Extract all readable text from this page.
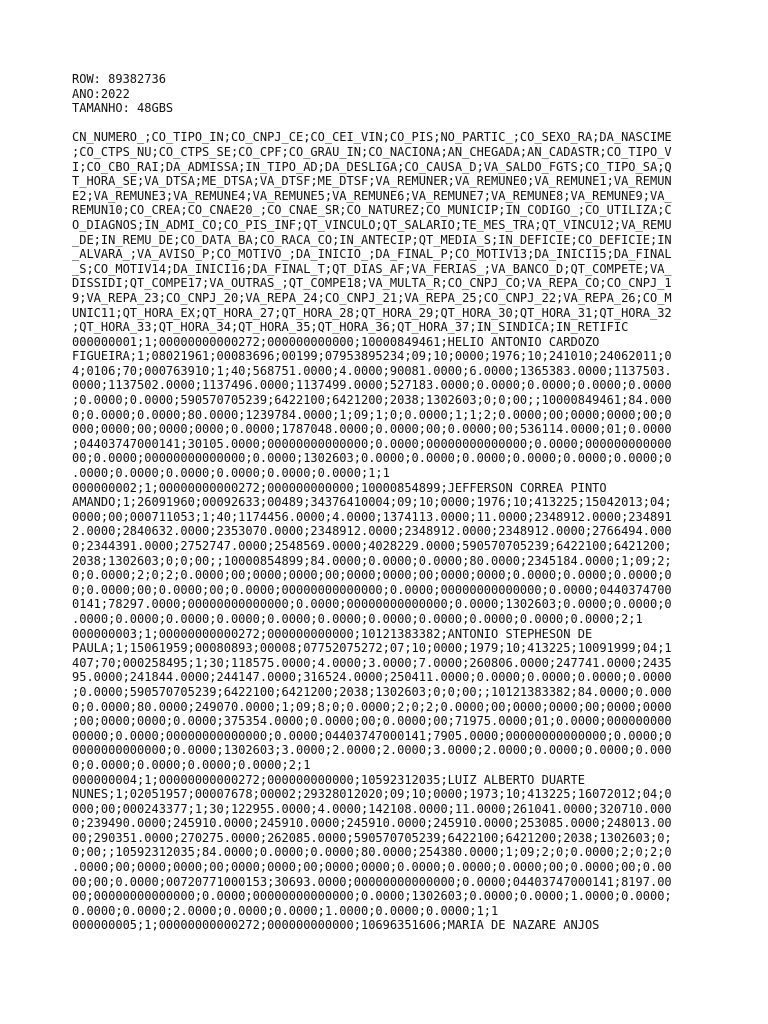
ROW: 89382736
ANO:2022
TAMANHO: 48GBS
CN_NUMERO_;CO_TIPO_IN;CO_CNPJ_CE;CO_CEI_VIN;CO_PIS;NO_PARTIC_;CO_SEXO_RA;DA_NASCIME
;CO_CTPS_NU;CO_CTPS_SE;CO_CPF;CO_GRAU_IN;CO_NACIONA;AN_CHEGADA;AN_CADASTR;CO_TIPO_V
I;CO_CBO_RAI;DA_ADMISSA;IN_TIPO_AD;DA_DESLIGA;CO_CAUSA_D;VA_SALDO_FGTS;CO_TIPO_SA;Q
T_HORA_SE;VA_DTSA;ME_DTSA;VA_DTSF;ME_DTSF;VA_REMUNER;VA_REMUNE0;VA_REMUNE1;VA_REMUN
E2;VA_REMUNE3;VA_REMUNE4;VA_REMUNE5;VA_REMUNE6;VA_REMUNE7;VA_REMUNE8;VA_REMUNE9;VA_
REMUN10;CO_CREA;CO_CNAE20_;CO_CNAE_SR;CO_NATUREZ;CO_MUNICIP;IN_CODIGO_;CO_UTILIZA;C
O_DIAGNOS;IN_ADMI_CO;CO_PIS_INF;QT_VINCULO;QT_SALARIO;TE_MES_TRA;QT_VINCU12;VA_REMU
_DE;IN_REMU_DE;CO_DATA_BA;CO_RACA_CO;IN_ANTECIP;QT_MEDIA_S;IN_DEFICIE;CO_DEFICIE;IN
_ALVARA_;VA_AVISO_P;CO_MOTIVO_;DA_INICIO_;DA_FINAL_P;CO_MOTIV13;DA_INICI15;DA_FINAL
_S;CO_MOTIV14;DA_INICI16;DA_FINAL_T;QT_DIAS_AF;VA_FERIAS_;VA_BANCO_D;QT_COMPETE;VA_
DISSIDI;QT_COMPE17;VA_OUTRAS_;QT_COMPE18;VA_MULTA_R;CO_CNPJ_CO;VA_REPA_CO;CO_CNPJ_1
9;VA_REPA_23;CO_CNPJ_20;VA_REPA_24;CO_CNPJ_21;VA_REPA_25;CO_CNPJ_22;VA_REPA_26;CO_M
UNIC11;QT_HORA_EX;QT_HORA_27;QT_HORA_28;QT_HORA_29;QT_HORA_30;QT_HORA_31;QT_HORA_32
;QT_HORA_33;QT_HORA_34;QT_HORA_35;QT_HORA_36;QT_HORA_37;IN_SINDICA;IN_RETIFIC
000000001;1;00000000000272;000000000000;10000849461;HELIO ANTONIO CARDOZO
FIGUEIRA;1;08021961;00083696;00199;07953895234;09;10;0000;1976;10;241010;24062011;0
4;0106;70;000763910;1;40;568751.0000;4.0000;90081.0000;6.0000;1365383.0000;1137503.
0000;1137502.0000;1137496.0000;1137499.0000;527183.0000;0.0000;0.0000;0.0000;0.0000
;0.0000;0.0000;590570705239;6422100;6421200;2038;1302603;0;0;00;;10000849461;84.000
0;0.0000;0.0000;80.0000;1239784.0000;1;09;1;0;0.0000;1;1;2;0.0000;00;0000;0000;00;0
000;0000;00;0000;0000;0.0000;1787048.0000;0.0000;00;0.0000;00;536114.0000;01;0.0000
;04403747000141;30105.0000;00000000000000;0.0000;00000000000000;0.0000;000000000000
00;0.0000;00000000000000;0.0000;1302603;0.0000;0.0000;0.0000;0.0000;0.0000;0.0000;0
.0000;0.0000;0.0000;0.0000;0.0000;0.0000;1;1
000000002;1;00000000000272;000000000000;10000854899;JEFFERSON CORREA PINTO
AMANDO;1;26091960;00092633;00489;34376410004;09;10;0000;1976;10;413225;15042013;04;
0000;00;000711053;1;40;1174456.0000;4.0000;1374113.0000;11.0000;2348912.0000;234891
2.0000;2840632.0000;2353070.0000;2348912.0000;2348912.0000;2348912.0000;2766494.000
0;2344391.0000;2752747.0000;2548569.0000;4028229.0000;590570705239;6422100;6421200;
2038;1302603;0;0;00;;10000854899;84.0000;0.0000;0.0000;80.0000;2345184.0000;1;09;2;
0;0.0000;2;0;2;0.0000;00;0000;0000;00;0000;0000;00;0000;0000;0.0000;0.0000;0.0000;0
0;0.0000;00;0.0000;00;0.0000;00000000000000;0.0000;00000000000000;0.0000;0440374700
0141;78297.0000;00000000000000;0.0000;00000000000000;0.0000;1302603;0.0000;0.0000;0
.0000;0.0000;0.0000;0.0000;0.0000;0.0000;0.0000;0.0000;0.0000;0.0000;0.0000;2;1
000000003;1;00000000000272;000000000000;10121383382;ANTONIO STEPHESON DE
PAULA;1;15061959;00080893;00008;07752075272;07;10;0000;1979;10;413225;10091999;04;1
407;70;000258495;1;30;118575.0000;4.0000;3.0000;7.0000;260806.0000;247741.0000;2435
95.0000;241844.0000;244147.0000;316524.0000;250411.0000;0.0000;0.0000;0.0000;0.0000
;0.0000;590570705239;6422100;6421200;2038;1302603;0;0;00;;10121383382;84.0000;0.000
0;0.0000;80.0000;249070.0000;1;09;8;0;0.0000;2;0;2;0.0000;00;0000;0000;00;0000;0000
;00;0000;0000;0.0000;375354.0000;0.0000;00;0.0000;00;71975.0000;01;0.0000;000000000
00000;0.0000;00000000000000;0.0000;04403747000141;7905.0000;00000000000000;0.0000;0
0000000000000;0.0000;1302603;3.0000;2.0000;2.0000;3.0000;2.0000;0.0000;0.0000;0.000
0;0.0000;0.0000;0.0000;0.0000;2;1
000000004;1;00000000000272;000000000000;10592312035;LUIZ ALBERTO DUARTE
NUNES;1;02051957;00007678;00002;29328012020;09;10;0000;1973;10;413225;16072012;04;0
000;00;000243377;1;30;122955.0000;4.0000;142108.0000;11.0000;261041.0000;320710.000
0;239490.0000;245910.0000;245910.0000;245910.0000;245910.0000;253085.0000;248013.00
00;290351.0000;270275.0000;262085.0000;590570705239;6422100;6421200;2038;1302603;0;
0;00;;10592312035;84.0000;0.0000;0.0000;80.0000;254380.0000;1;09;2;0;0.0000;2;0;2;0
.0000;00;0000;0000;00;0000;0000;00;0000;0000;0.0000;0.0000;0.0000;00;0.0000;00;0.00
00;00;0.0000;00720771000153;30693.0000;00000000000000;0.0000;04403747000141;8197.00
00;00000000000000;0.0000;00000000000000;0.0000;1302603;0.0000;0.0000;1.0000;0.0000;
0.0000;0.0000;2.0000;0.0000;0.0000;1.0000;0.0000;0.0000;1;1
000000005;1;00000000000272;000000000000;10696351606;MARIA DE NAZARE ANJOS
